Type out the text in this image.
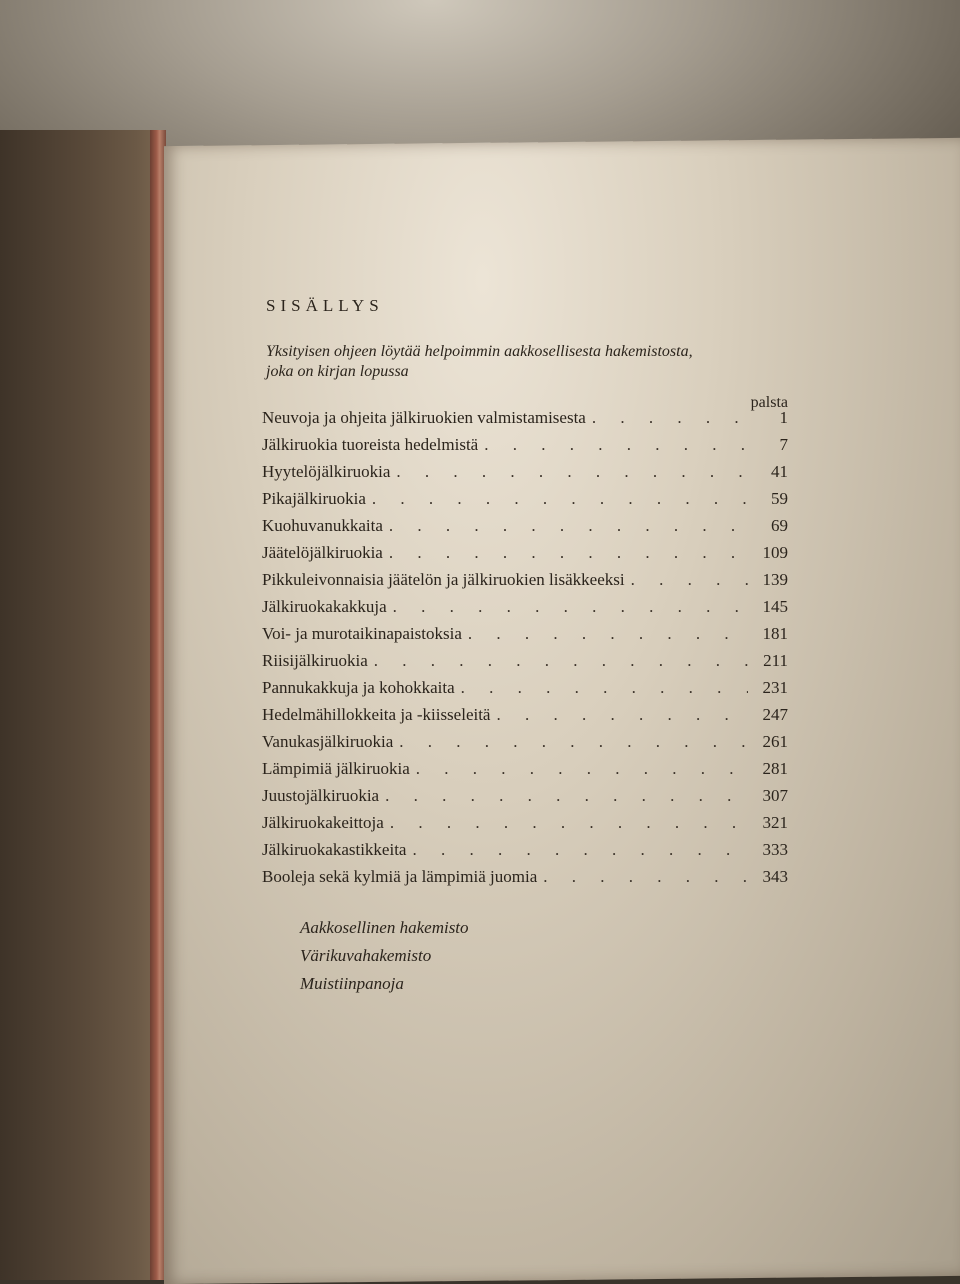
SISÄLLYS
Yksityisen ohjeen löytää helpoimmin aakkosellisesta hakemistosta,
joka on kirjan lopussa
palsta
Neuvoja ja ohjeita jälkiruokien valmistamisesta . . .	1
Jälkiruokia tuoreista hedelmistä . . .	7
Hyytelöjälkiruokia . . .	41
Pikajälkiruokia . . .	59
Kuohuvanukkaita . . .	69
Jäätelöjälkiruokia . . .	109
Pikkuleivonnaisia jäätelön ja jälkiruokien lisäkkeeksi . . .	139
Jälkiruokakakkuja . . .	145
Voi- ja murotaikinapaistoksia . . .	181
Riisijälkiruokia . . .	211
Pannukakkuja ja kohokkaita . . .	231
Hedelmähillokkeita ja -kiisseleitä . . .	247
Vanukasjälkiruokia . . .	261
Lämpimiä jälkiruokia . . .	281
Juustojälkiruokia . . .	307
Jälkiruokakeittoja . . .	321
Jälkiruokakastikkeita . . .	333
Booleja sekä kylmiä ja lämpimiä juomia . . .	343
Aakkosellinen hakemisto
Värikuvahakemisto
Muistiinpanoja
